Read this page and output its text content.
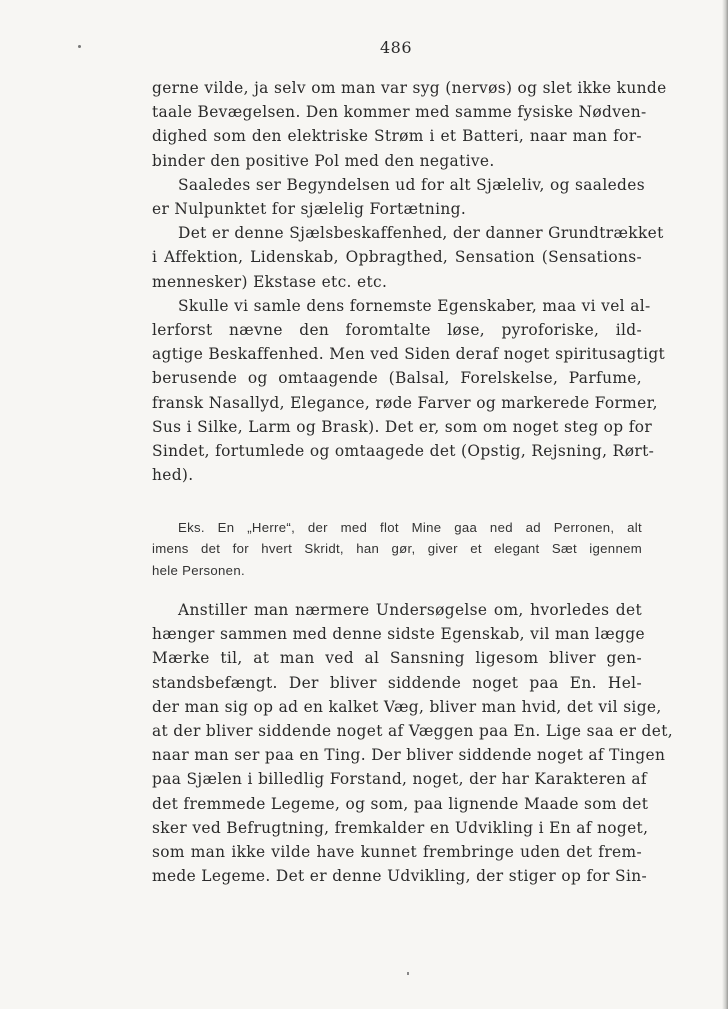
486
gerne vilde, ja selv om man var syg (nervøs) og slet ikke kunde
taale Bevægelsen. Den kommer med samme fysiske Nødven-
dighed som den elektriske Strøm i et Batteri, naar man for-
binder den positive Pol med den negative.
Saaledes ser Begyndelsen ud for alt Sjæleliv, og saaledes
er Nulpunktet for sjælelig Fortætning.
Det er denne Sjælsbeskaffenhed, der danner Grundtrækket
i Affektion, Lidenskab, Opbragthed, Sensation (Sensations-
mennesker) Ekstase etc. etc.
Skulle vi samle dens fornemste Egenskaber, maa vi vel al-
lerforst nævne den foromtalte løse, pyroforiske, ild-
agtige Beskaffenhed. Men ved Siden deraf noget spiritusagtigt
berusende og omtaagende (Balsal, Forelskelse, Parfume,
fransk Nasallyd, Elegance, røde Farver og markerede Former,
Sus i Silke, Larm og Brask). Det er, som om noget steg op for
Sindet, fortumlede og omtaagede det (Opstig, Rejsning, Rørt-
hed).
Eks. En „Herre“, der med flot Mine gaa ned ad Perronen, alt
imens det for hvert Skridt, han gør, giver et elegant Sæt igennem
hele Personen.
Anstiller man nærmere Undersøgelse om, hvorledes det
hænger sammen med denne sidste Egenskab, vil man lægge
Mærke til, at man ved al Sansning ligesom bliver gen-
standsbefængt. Der bliver siddende noget paa En. Hel-
der man sig op ad en kalket Væg, bliver man hvid, det vil sige,
at der bliver siddende noget af Væggen paa En. Lige saa er det,
naar man ser paa en Ting. Der bliver siddende noget af Tingen
paa Sjælen i billedlig Forstand, noget, der har Karakteren af
det fremmede Legeme, og som, paa lignende Maade som det
sker ved Befrugtning, fremkalder en Udvikling i En af noget,
som man ikke vilde have kunnet frembringe uden det frem-
mede Legeme. Det er denne Udvikling, der stiger op for Sin-
